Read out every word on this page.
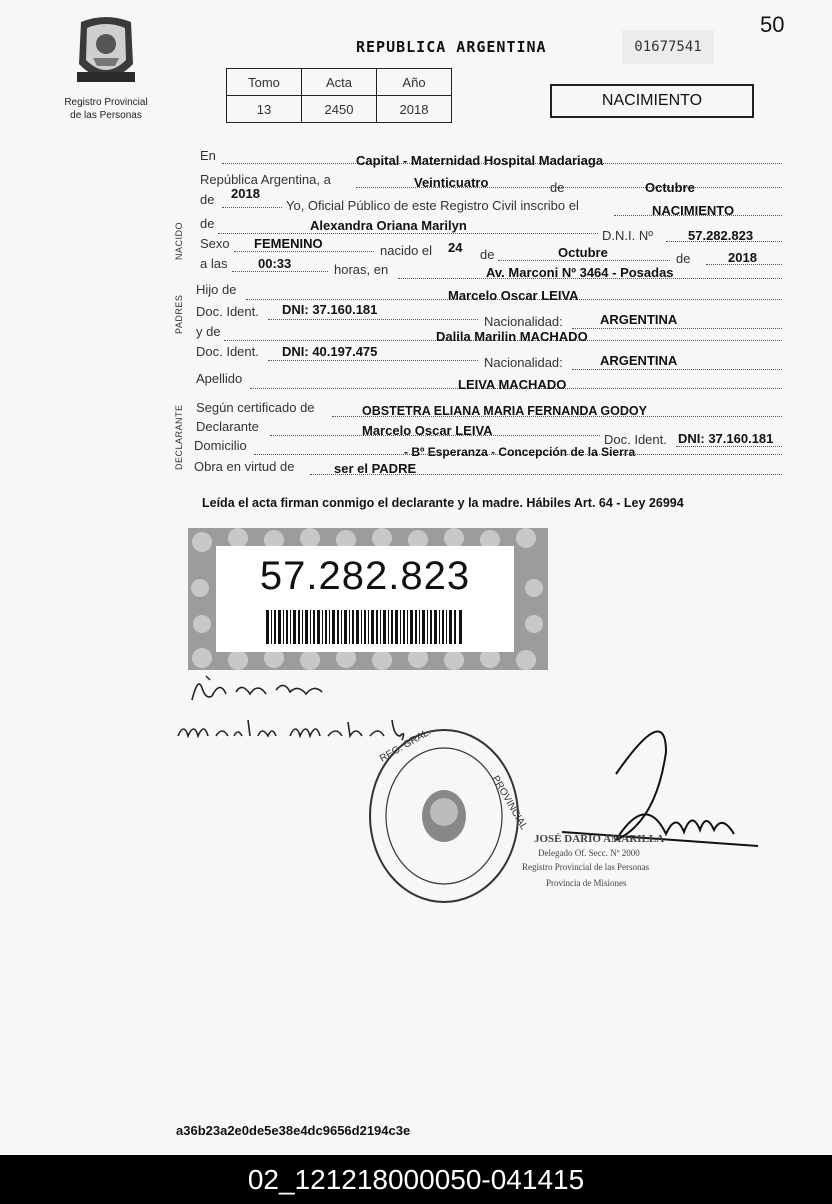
50
Registro Provincial
de las Personas
REPUBLICA ARGENTINA	01677541
Tomo	Acta	Año
13	2450	2018	NACIMIENTO
NACIDO
PADRES
DECLARANTE
En	Capital - Maternidad Hospital Madariaga
República Argentina, a	Veinticuatro	de	Octubre
de 2018
Yo, Oficial Público de este Registro Civil inscribo el	NACIMIENTO
de	Alexandra Oriana Marilyn
D.N.I. Nº	57.282.823
Sexo FEMENINO	nacido el 24 de	Octubre	de	2018
a las 00:33	horas, en	Av. Marconi Nº 3464 - Posadas
Hijo de	Marcelo Oscar LEIVA
Doc. Ident. DNI: 37.160.181
Nacionalidad:	ARGENTINA
y de	Dalila Marilin MACHADO
Doc. Ident. DNI: 40.197.475
Nacionalidad:	ARGENTINA
Apellido	LEIVA MACHADO
Según certificado de	OBSTETRA ELIANA MARIA FERNANDA GODOY
Declarante	Marcelo Oscar LEIVA
Doc. Ident. DNI: 37.160.181
Domicilio	- Bº Esperanza - Concepción de la Sierra
Obra en virtud de	ser el PADRE
Leída el acta firman conmigo el declarante y la madre. Hábiles Art. 64 - Ley 26994
57.282.823
REG. GRAL.
PROVINCIAL
JOSÉ DARÍO AMARILLA
Delegado Of. Secc. Nº 2000
Registro Provincial de las Personas
Provincia de Misiones
a36b23a2e0de5e38e4dc9656d2194c3e
02_121218000050-041415
